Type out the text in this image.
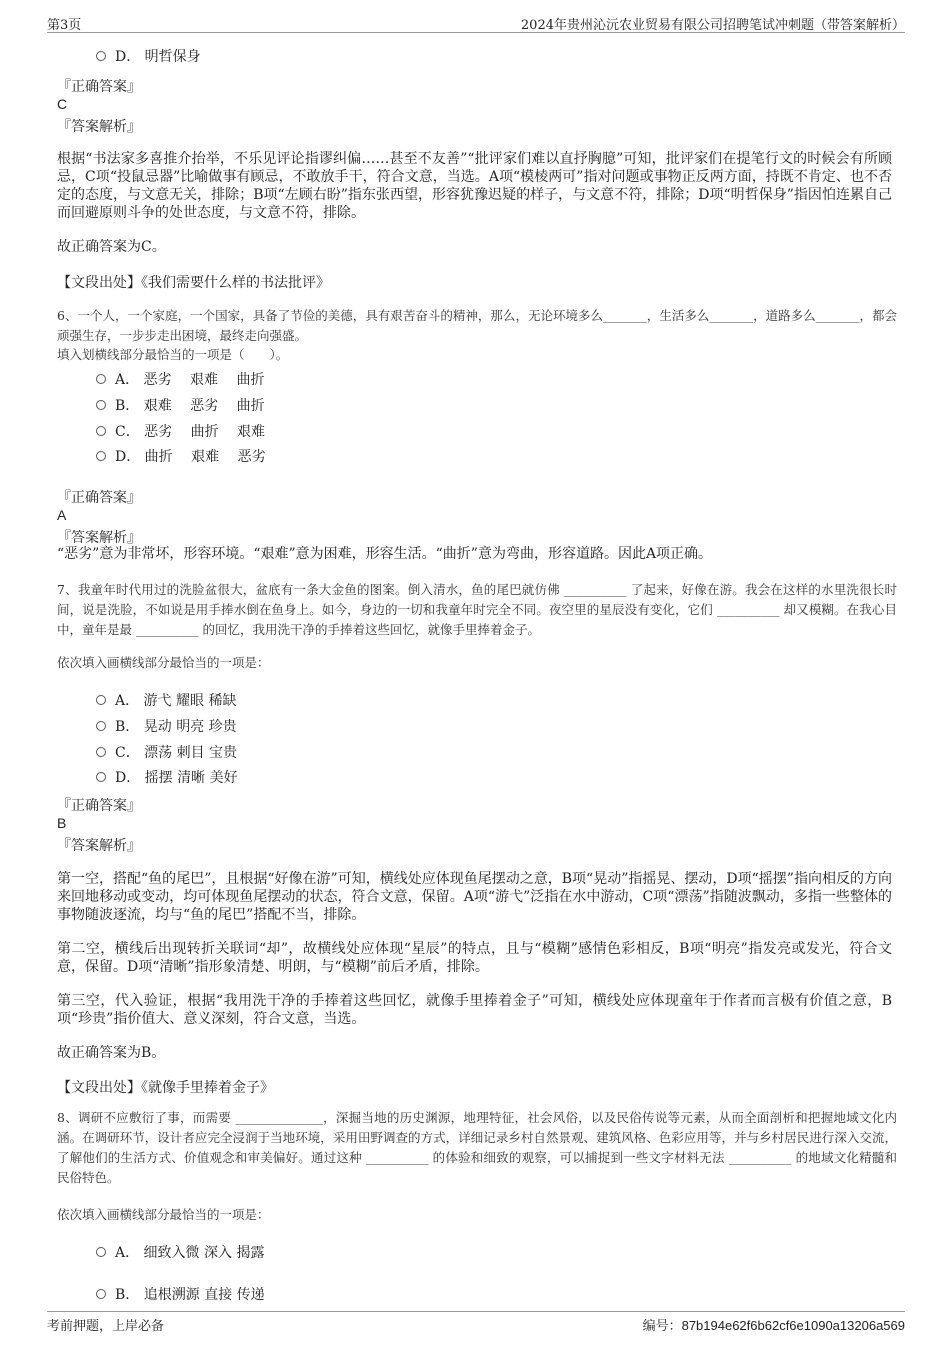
第3页	2024年贵州沁沅农业贸易有限公司招聘笔试冲刺题（带答案解析）
D． 明哲保身
『正确答案』
C
『答案解析』
根据“书法家多喜推介抬举，不乐见评论指谬纠偏……甚至不友善”“批评家们难以直抒胸臆”可知，批评家们在提笔行文的时候会有所顾忌，C项“投鼠忌器”比喻做事有顾忌，不敢放手干，符合文意，当选。A项“模棱两可”指对问题或事物正反两方面，持既不肯定、也不否定的态度，与文意无关，排除；B项“左顾右盼”指东张西望，形容犹豫迟疑的样子，与文意不符，排除；D项“明哲保身”指因怕连累自己而回避原则斗争的处世态度，与文意不符，排除。
故正确答案为C。
【文段出处】《我们需要什么样的书法批评》
6、一个人，一个家庭，一个国家，具备了节俭的美德，具有艰苦奋斗的精神，那么，无论环境多么_______，生活多么_______，道路多么_______，都会顽强生存，一步步走出困境，最终走向强盛。
填入划横线部分最恰当的一项是（　　）。
A． 恶劣　 艰难　 曲折
B． 艰难　 恶劣　 曲折
C． 恶劣　 曲折　 艰难
D． 曲折　 艰难　 恶劣
『正确答案』
A
『答案解析』
“恶劣”意为非常坏，形容环境。“艰难”意为困难，形容生活。“曲折”意为弯曲，形容道路。因此A项正确。
7、我童年时代用过的洗脸盆很大，盆底有一条大金鱼的图案。倒入清水，鱼的尾巴就仿佛 __________ 了起来，好像在游。我会在这样的水里洗很长时间，说是洗脸，不如说是用手捧水倒在鱼身上。如今，身边的一切和我童年时完全不同。夜空里的星辰没有变化，它们 __________ 却又模糊。在我心目中，童年是最 __________ 的回忆，我用洗干净的手捧着这些回忆，就像手里捧着金子。
依次填入画横线部分最恰当的一项是：
A． 游弋 耀眼 稀缺
B． 晃动 明亮 珍贵
C． 漂荡 刺目 宝贵
D． 摇摆 清晰 美好
『正确答案』
B
『答案解析』
第一空，搭配“鱼的尾巴”，且根据“好像在游”可知，横线处应体现鱼尾摆动之意，B项“晃动”指摇晃、摆动，D项“摇摆”指向相反的方向来回地移动或变动，均可体现鱼尾摆动的状态，符合文意，保留。A项“游弋”泛指在水中游动，C项“漂荡”指随波飘动，多指一些整体的事物随波逐流，均与“鱼的尾巴”搭配不当，排除。
第二空，横线后出现转折关联词“却”，故横线处应体现“星辰”的特点，且与“模糊”感情色彩相反，B项“明亮”指发亮或发光，符合文意，保留。D项“清晰”指形象清楚、明朗，与“模糊”前后矛盾，排除。
第三空，代入验证，根据“我用洗干净的手捧着这些回忆，就像手里捧着金子”可知，横线处应体现童年于作者而言极有价值之意，B项“珍贵”指价值大、意义深刻，符合文意，当选。
故正确答案为B。
【文段出处】《就像手里捧着金子》
8、调研不应敷衍了事，而需要 ______________，深掘当地的历史渊源，地理特征，社会风俗，以及民俗传说等元素，从而全面剖析和把握地域文化内涵。在调研环节，设计者应完全浸润于当地环境，采用田野调查的方式，详细记录乡村自然景观、建筑风格、色彩应用等，并与乡村居民进行深入交流，了解他们的生活方式、价值观念和审美偏好。通过这种 __________ 的体验和细致的观察，可以捕捉到一些文字材料无法 __________ 的地域文化精髓和民俗特色。
依次填入画横线部分最恰当的一项是：
A． 细致入微 深入 揭露
B． 追根溯源 直接 传递
考前押题，上岸必备	编号：87b194e62f6b62cf6e1090a13206a569
